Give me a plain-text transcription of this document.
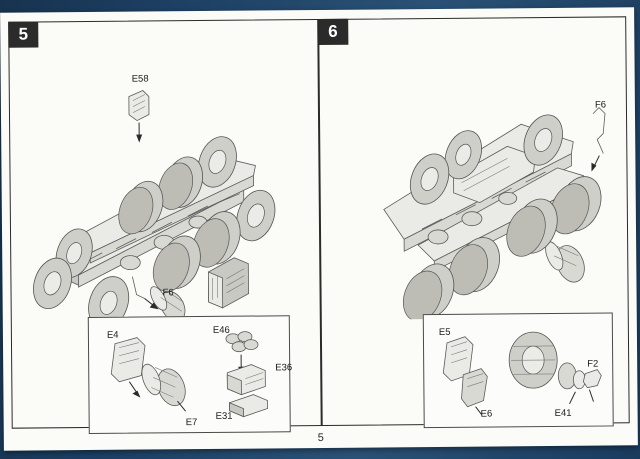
5
E58
F6
E4	E46
E36
E31
E7
6
F6
E5
E6
F2
E41
5
